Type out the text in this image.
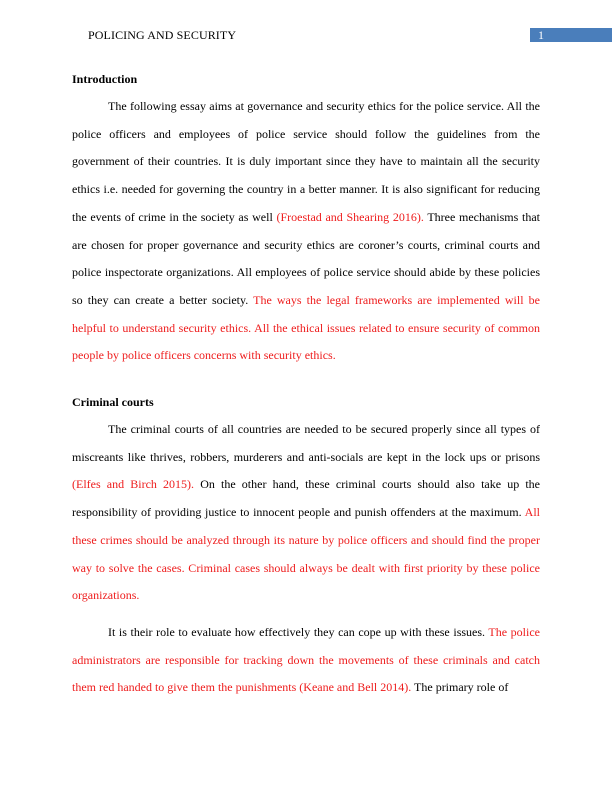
POLICING AND SECURITY	1
Introduction

The following essay aims at governance and security ethics for the police service. All the police officers and employees of police service should follow the guidelines from the government of their countries. It is duly important since they have to maintain all the security ethics i.e. needed for governing the country in a better manner. It is also significant for reducing the events of crime in the society as well (Froestad and Shearing 2016). Three mechanisms that are chosen for proper governance and security ethics are coroner’s courts, criminal courts and police inspectorate organizations. All employees of police service should abide by these policies so they can create a better society. The ways the legal frameworks are implemented will be helpful to understand security ethics. All the ethical issues related to ensure security of common people by police officers concerns with security ethics.

Criminal courts

The criminal courts of all countries are needed to be secured properly since all types of miscreants like thrives, robbers, murderers and anti-socials are kept in the lock ups or prisons (Elfes and Birch 2015). On the other hand, these criminal courts should also take up the responsibility of providing justice to innocent people and punish offenders at the maximum. All these crimes should be analyzed through its nature by police officers and should find the proper way to solve the cases. Criminal cases should always be dealt with first priority by these police organizations.

It is their role to evaluate how effectively they can cope up with these issues. The police administrators are responsible for tracking down the movements of these criminals and catch them red handed to give them the punishments (Keane and Bell 2014). The primary role of
